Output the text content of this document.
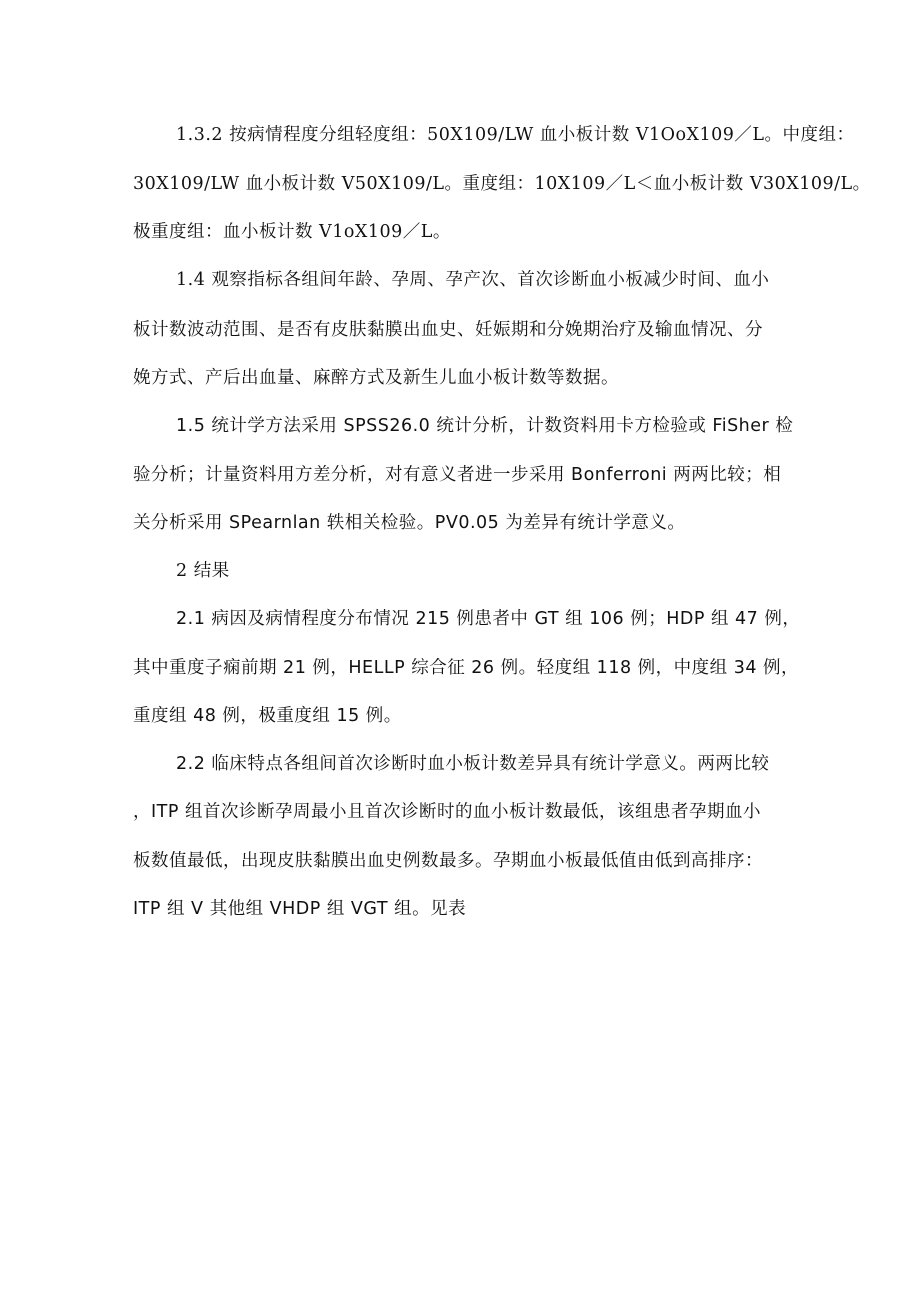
1.3.2 按病情程度分组轻度组：50X109/LW 血小板计数 V1OoX109／L。中度组：
30X109/LW 血小板计数 V50X109/L。重度组：10X109／L＜血小板计数 V30X109/L。
极重度组：血小板计数 V1oX109／L。
1.4 观察指标各组间年龄、孕周、孕产次、首次诊断血小板减少时间、血小
板计数波动范围、是否有皮肤黏膜出血史、妊娠期和分娩期治疗及输血情况、分
娩方式、产后出血量、麻醉方式及新生儿血小板计数等数据。
1.5 统计学方法采用 SPSS26.0 统计分析，计数资料用卡方检验或 FiSher 检
验分析；计量资料用方差分析，对有意义者进一步采用 Bonferroni 两两比较；相
关分析采用 SPearnlan 轶相关检验。PV0.05 为差异有统计学意义。
2 结果
2.1 病因及病情程度分布情况 215 例患者中 GT 组 106 例；HDP 组 47 例，
其中重度子痫前期 21 例，HELLP 综合征 26 例。轻度组 118 例，中度组 34 例，
重度组 48 例，极重度组 15 例。
2.2 临床特点各组间首次诊断时血小板计数差异具有统计学意义。两两比较
，ITP 组首次诊断孕周最小且首次诊断时的血小板计数最低，该组患者孕期血小
板数值最低，出现皮肤黏膜出血史例数最多。孕期血小板最低值由低到高排序：
ITP 组 V 其他组 VHDP 组 VGT 组。见表
